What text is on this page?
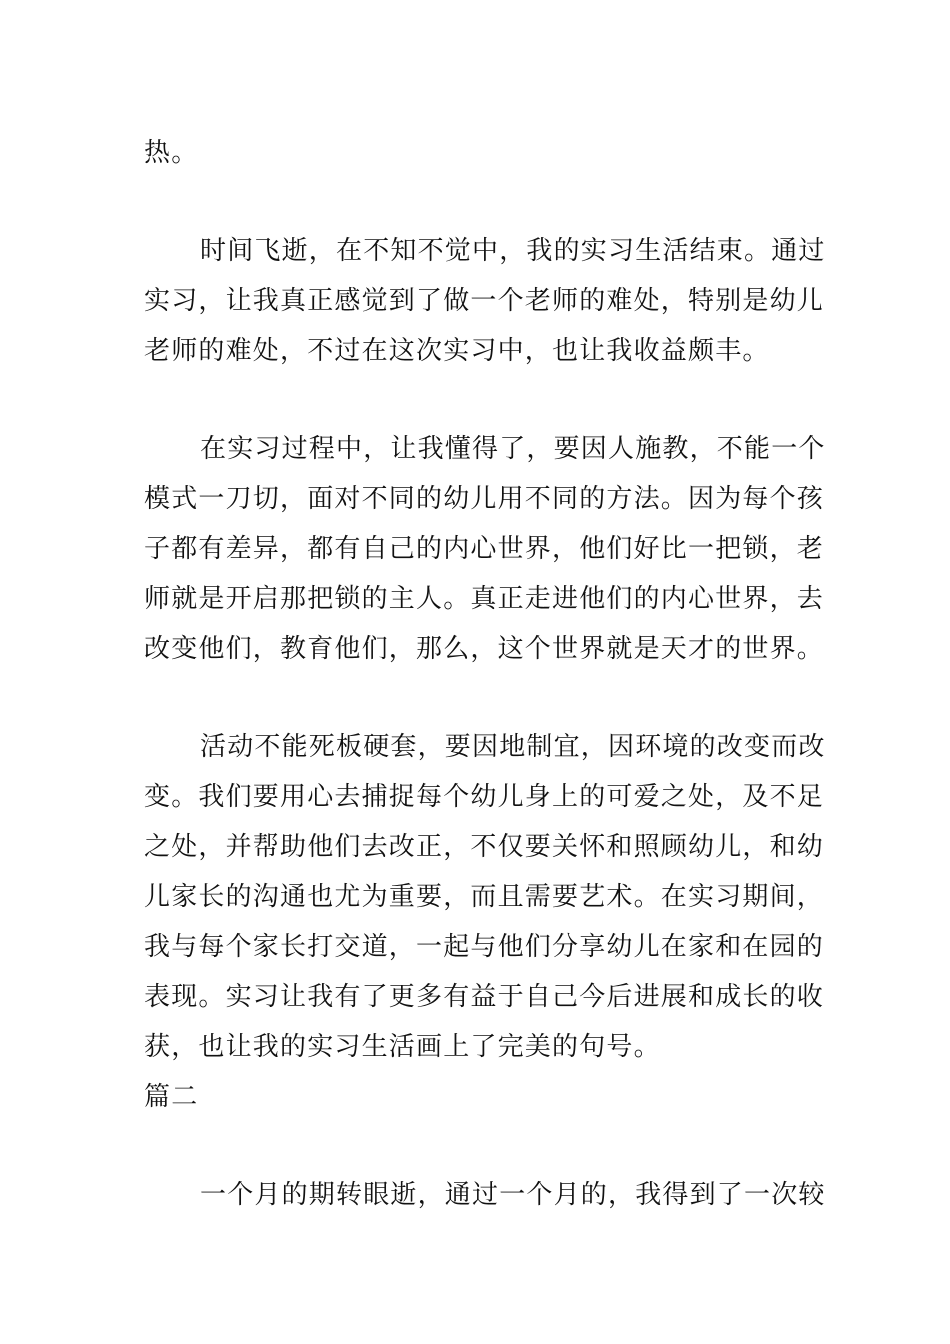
热。

时间飞逝，在不知不觉中，我的实习生活结束。通过
实习，让我真正感觉到了做一个老师的难处，特别是幼儿
老师的难处，不过在这次实习中，也让我收益颇丰。

在实习过程中，让我懂得了，要因人施教，不能一个
模式一刀切，面对不同的幼儿用不同的方法。因为每个孩
子都有差异，都有自己的内心世界，他们好比一把锁，老
师就是开启那把锁的主人。真正走进他们的内心世界，去
改变他们，教育他们，那么，这个世界就是天才的世界。

活动不能死板硬套，要因地制宜，因环境的改变而改
变。我们要用心去捕捉每个幼儿身上的可爱之处，及不足
之处，并帮助他们去改正，不仅要关怀和照顾幼儿，和幼
儿家长的沟通也尤为重要，而且需要艺术。在实习期间，
我与每个家长打交道，一起与他们分享幼儿在家和在园的
表现。实习让我有了更多有益于自己今后进展和成长的收
获，也让我的实习生活画上了完美的句号。

篇二

一个月的期转眼逝，通过一个月的，我得到了一次较
